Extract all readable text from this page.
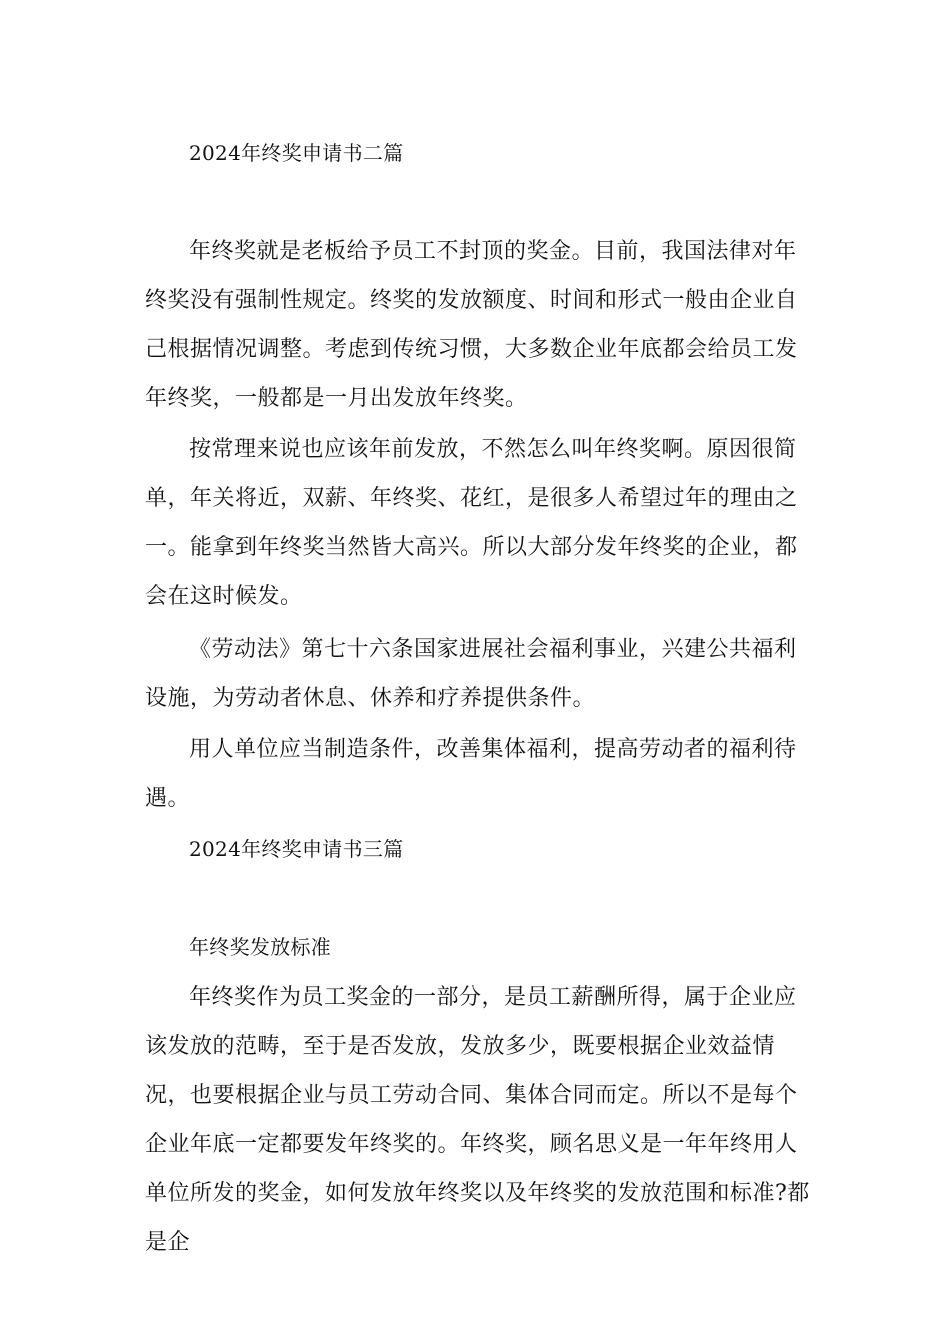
2024年终奖申请书二篇

年终奖就是老板给予员工不封顶的奖金。目前，我国法律对年终奖没有强制性规定。终奖的发放额度、时间和形式一般由企业自己根据情况调整。考虑到传统习惯，大多数企业年底都会给员工发年终奖，一般都是一月出发放年终奖。

按常理来说也应该年前发放，不然怎么叫年终奖啊。原因很简单，年关将近，双薪、年终奖、花红，是很多人希望过年的理由之一。能拿到年终奖当然皆大高兴。所以大部分发年终奖的企业，都会在这时候发。

《劳动法》第七十六条国家进展社会福利事业，兴建公共福利设施，为劳动者休息、休养和疗养提供条件。

用人单位应当制造条件，改善集体福利，提高劳动者的福利待遇。

2024年终奖申请书三篇

年终奖发放标准

年终奖作为员工奖金的一部分，是员工薪酬所得，属于企业应该发放的范畴，至于是否发放，发放多少，既要根据企业效益情况，也要根据企业与员工劳动合同、集体合同而定。所以不是每个企业年底一定都要发年终奖的。年终奖，顾名思义是一年年终用人单位所发的奖金，如何发放年终奖以及年终奖的发放范围和标准?都是企
